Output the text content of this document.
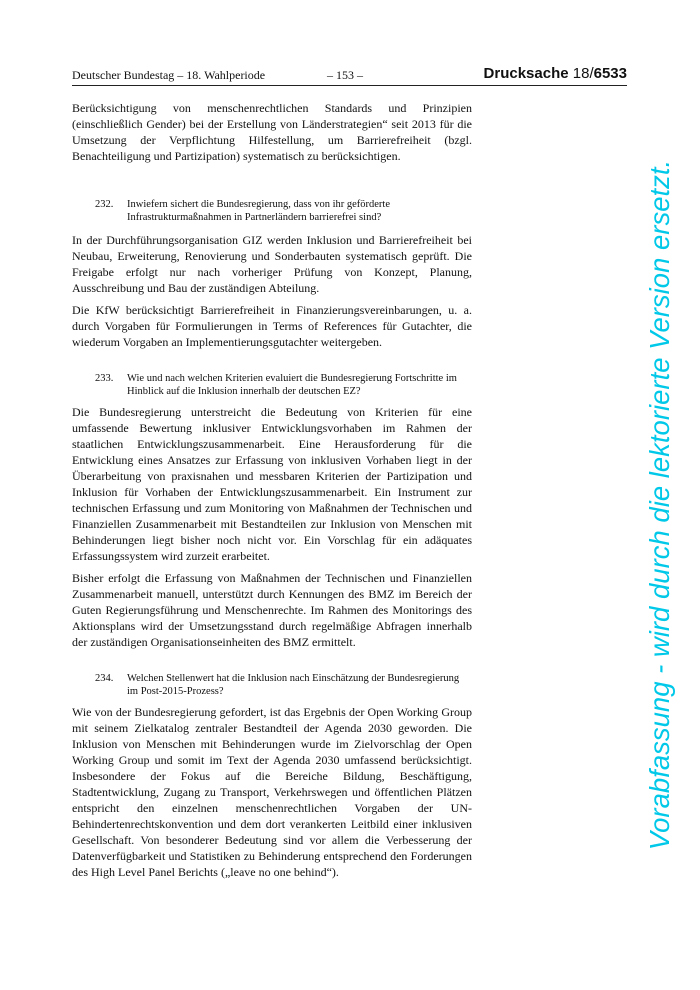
Deutscher Bundestag – 18. Wahlperiode	– 153 –	Drucksache 18/6533

Berücksichtigung von menschenrechtlichen Standards und Prinzipien (einschließlich Gender) bei der Erstellung von Länderstrategien“ seit 2013 für die Umsetzung der Verpflichtung Hilfestellung, um Barrierefreiheit (bzgl. Benachteiligung und Partizipation) systematisch zu berücksichtigen.

232.	Inwiefern sichert die Bundesregierung, dass von ihr geförderte Infrastrukturmaßnahmen in Partnerländern barrierefrei sind?

In der Durchführungsorganisation GIZ werden Inklusion und Barrierefreiheit bei Neubau, Erweiterung, Renovierung und Sonderbauten systematisch geprüft. Die Freigabe erfolgt nur nach vorheriger Prüfung von Konzept, Planung, Ausschreibung und Bau der zuständigen Abteilung.

Die KfW berücksichtigt Barrierefreiheit in Finanzierungsvereinbarungen, u. a. durch Vorgaben für Formulierungen in Terms of References für Gutachter, die wiederum Vorgaben an Implementierungsgutachter weitergeben.

233.	Wie und nach welchen Kriterien evaluiert die Bundesregierung Fortschritte im Hinblick auf die Inklusion innerhalb der deutschen EZ?

Die Bundesregierung unterstreicht die Bedeutung von Kriterien für eine umfassende Bewertung inklusiver Entwicklungsvorhaben im Rahmen der staatlichen Entwicklungszusammenarbeit. Eine Herausforderung für die Entwicklung eines Ansatzes zur Erfassung von inklusiven Vorhaben liegt in der Überarbeitung von praxisnahen und messbaren Kriterien der Partizipation und Inklusion für Vorhaben der Entwicklungszusammenarbeit. Ein Instrument zur technischen Erfassung und zum Monitoring von Maßnahmen der Technischen und Finanziellen Zusammenarbeit mit Bestandteilen zur Inklusion von Menschen mit Behinderungen liegt bisher noch nicht vor. Ein Vorschlag für ein adäquates Erfassungssystem wird zurzeit erarbeitet.

Bisher erfolgt die Erfassung von Maßnahmen der Technischen und Finanziellen Zusammenarbeit manuell, unterstützt durch Kennungen des BMZ im Bereich der Guten Regierungsführung und Menschenrechte. Im Rahmen des Monitorings des Aktionsplans wird der Umsetzungsstand durch regelmäßige Abfragen innerhalb der zuständigen Organisationseinheiten des BMZ ermittelt.

234.	Welchen Stellenwert hat die Inklusion nach Einschätzung der Bundesregierung im Post-2015-Prozess?

Wie von der Bundesregierung gefordert, ist das Ergebnis der Open Working Group mit seinem Zielkatalog zentraler Bestandteil der Agenda 2030 geworden. Die Inklusion von Menschen mit Behinderungen wurde im Zielvorschlag der Open Working Group und somit im Text der Agenda 2030 umfassend berücksichtigt. Insbesondere der Fokus auf die Bereiche Bildung, Beschäftigung, Stadtentwicklung, Zugang zu Transport, Verkehrswegen und öffentlichen Plätzen entspricht den einzelnen menschenrechtlichen Vorgaben der UN-Behindertenrechtskonvention und dem dort verankerten Leitbild einer inklusiven Gesellschaft. Von besonderer Bedeutung sind vor allem die Verbesserung der Datenverfügbarkeit und Statistiken zu Behinderung entsprechend den Forderungen des High Level Panel Berichts („leave no one behind“).

Vorabfassung - wird durch die lektorierte Version ersetzt.
